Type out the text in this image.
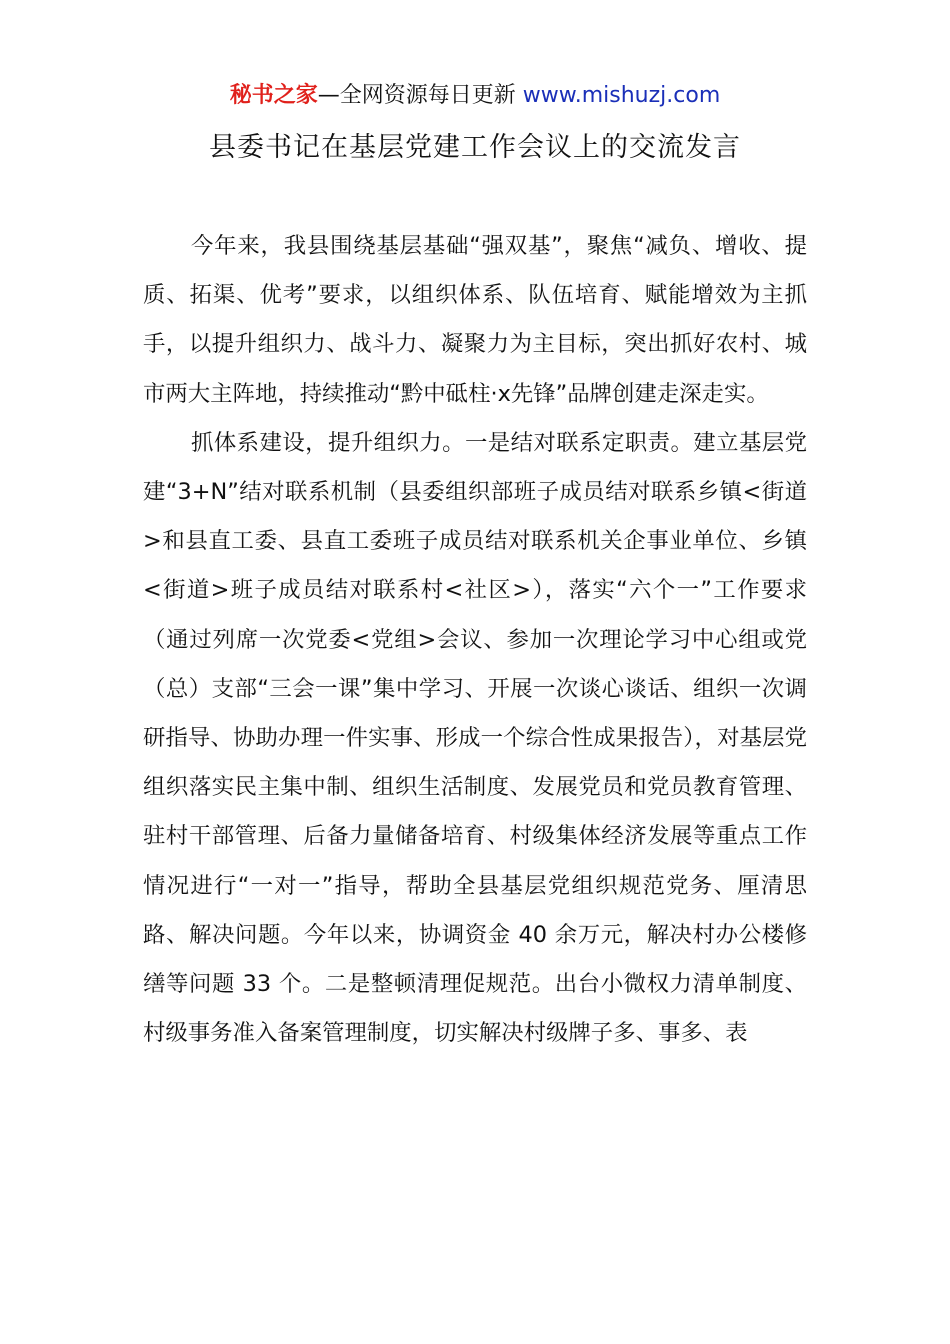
秘书之家—全网资源每日更新 www.mishuzj.com
县委书记在基层党建工作会议上的交流发言

今年来，我县围绕基层基础“强双基”，聚焦“减负、增收、提质、拓渠、优考”要求，以组织体系、队伍培育、赋能增效为主抓手，以提升组织力、战斗力、凝聚力为主目标，突出抓好农村、城市两大主阵地，持续推动“黔中砥柱·x先锋”品牌创建走深走实。

抓体系建设，提升组织力。一是结对联系定职责。建立基层党建“3+N”结对联系机制（县委组织部班子成员结对联系乡镇<街道>和县直工委、县直工委班子成员结对联系机关企事业单位、乡镇<街道>班子成员结对联系村<社区>），落实“六个一”工作要求（通过列席一次党委<党组>会议、参加一次理论学习中心组或党（总）支部“三会一课”集中学习、开展一次谈心谈话、组织一次调研指导、协助办理一件实事、形成一个综合性成果报告），对基层党组织落实民主集中制、组织生活制度、发展党员和党员教育管理、驻村干部管理、后备力量储备培育、村级集体经济发展等重点工作情况进行“一对一”指导，帮助全县基层党组织规范党务、厘清思路、解决问题。今年以来，协调资金 40 余万元，解决村办公楼修缮等问题 33 个。二是整顿清理促规范。出台小微权力清单制度、村级事务准入备案管理制度，切实解决村级牌子多、事多、表
